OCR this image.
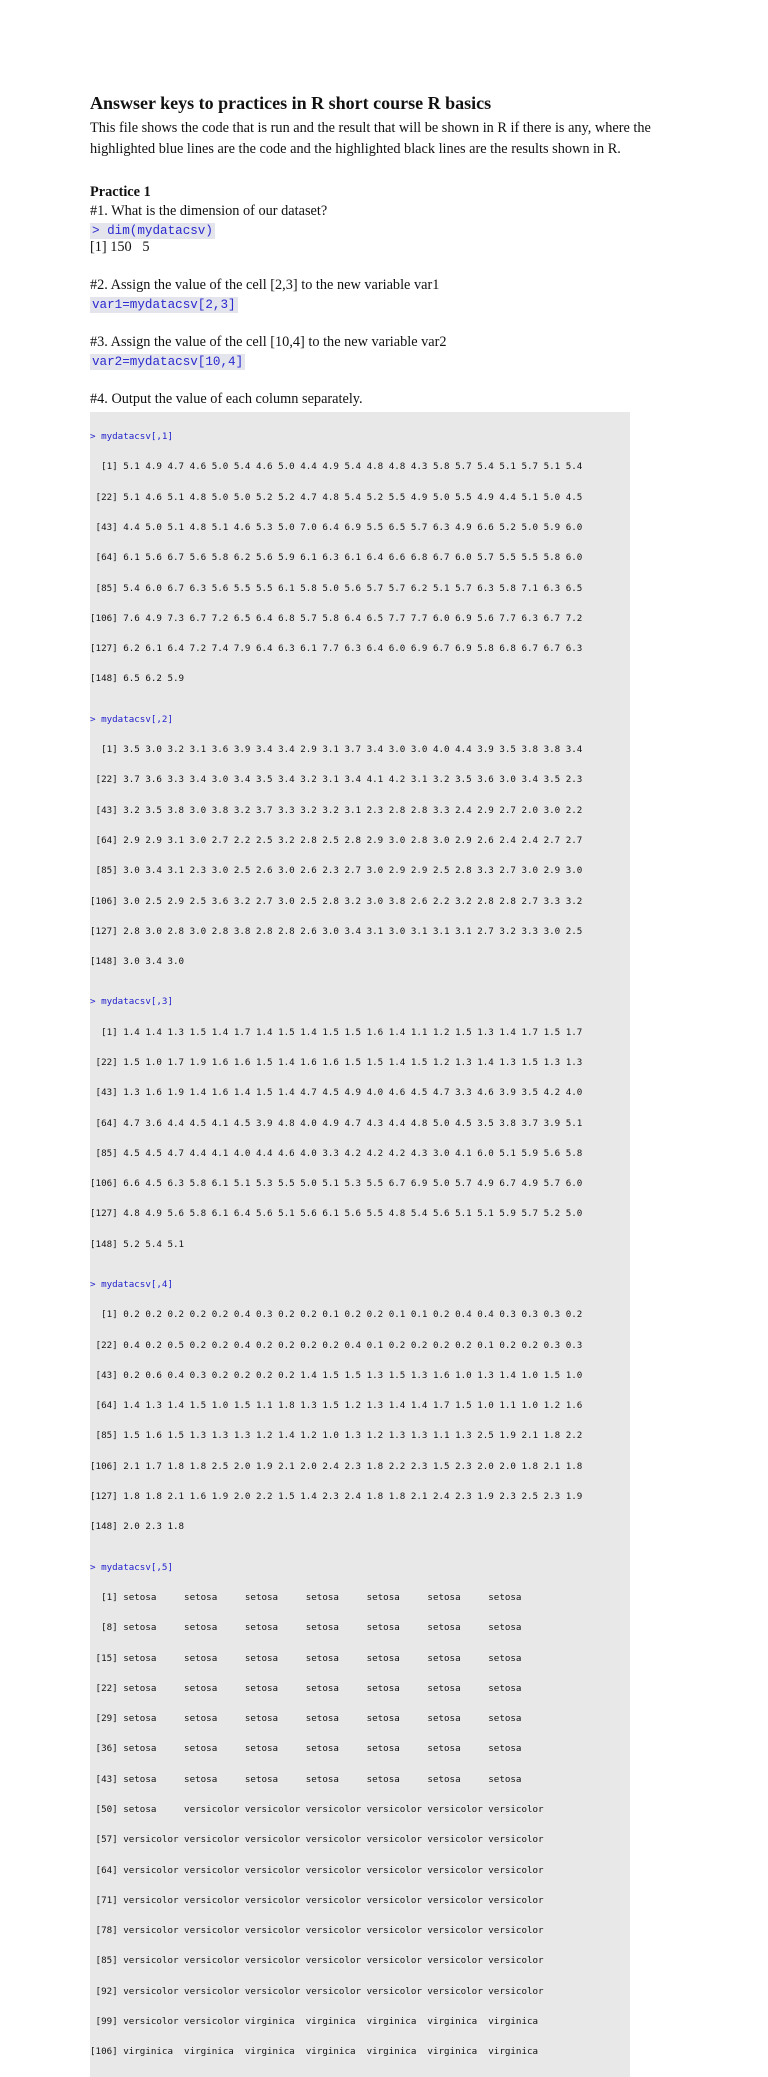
Answser keys to practices in R short course R basics

This file shows the code that is run and the result that will be shown in R if there is any, where the highlighted blue lines are the code and the highlighted black lines are the results shown in R.

Practice 1

#1. What is the dimension of our dataset?

> dim(mydatacsv)

[1] 150   5

#2. Assign the value of the cell [2,3] to the new variable var1

var1=mydatacsv[2,3]

#3. Assign the value of the cell [10,4] to the new variable var2

var2=mydatacsv[10,4]

#4. Output the value of each column separately.

> mydatacsv[,1]

[1] 5.1 4.9 4.7 4.6 5.0 5.4 4.6 5.0 4.4 4.9 5.4 4.8 4.8 4.3 5.8 5.7 5.4 5.1 5.7 5.1 5.4

[22] 5.1 4.6 5.1 4.8 5.0 5.0 5.2 5.2 4.7 4.8 5.4 5.2 5.5 4.9 5.0 5.5 4.9 4.4 5.1 5.0 4.5

[43] 4.4 5.0 5.1 4.8 5.1 4.6 5.3 5.0 7.0 6.4 6.9 5.5 6.5 5.7 6.3 4.9 6.6 5.2 5.0 5.9 6.0

[64] 6.1 5.6 6.7 5.6 5.8 6.2 5.6 5.9 6.1 6.3 6.1 6.4 6.6 6.8 6.7 6.0 5.7 5.5 5.5 5.8 6.0

[85] 5.4 6.0 6.7 6.3 5.6 5.5 5.5 6.1 5.8 5.0 5.6 5.7 5.7 6.2 5.1 5.7 6.3 5.8 7.1 6.3 6.5

[106] 7.6 4.9 7.3 6.7 7.2 6.5 6.4 6.8 5.7 5.8 6.4 6.5 7.7 7.7 6.0 6.9 5.6 7.7 6.3 6.7 7.2

[127] 6.2 6.1 6.4 7.2 7.4 7.9 6.4 6.3 6.1 7.7 6.3 6.4 6.0 6.9 6.7 6.9 5.8 6.8 6.7 6.7 6.3

[148] 6.5 6.2 5.9

> mydatacsv[,2]

[1] 3.5 3.0 3.2 3.1 3.6 3.9 3.4 3.4 2.9 3.1 3.7 3.4 3.0 3.0 4.0 4.4 3.9 3.5 3.8 3.8 3.4

[22] 3.7 3.6 3.3 3.4 3.0 3.4 3.5 3.4 3.2 3.1 3.4 4.1 4.2 3.1 3.2 3.5 3.6 3.0 3.4 3.5 2.3

[43] 3.2 3.5 3.8 3.0 3.8 3.2 3.7 3.3 3.2 3.2 3.1 2.3 2.8 2.8 3.3 2.4 2.9 2.7 2.0 3.0 2.2

[64] 2.9 2.9 3.1 3.0 2.7 2.2 2.5 3.2 2.8 2.5 2.8 2.9 3.0 2.8 3.0 2.9 2.6 2.4 2.4 2.7 2.7

[85] 3.0 3.4 3.1 2.3 3.0 2.5 2.6 3.0 2.6 2.3 2.7 3.0 2.9 2.9 2.5 2.8 3.3 2.7 3.0 2.9 3.0

[106] 3.0 2.5 2.9 2.5 3.6 3.2 2.7 3.0 2.5 2.8 3.2 3.0 3.8 2.6 2.2 3.2 2.8 2.8 2.7 3.3 3.2

[127] 2.8 3.0 2.8 3.0 2.8 3.8 2.8 2.8 2.6 3.0 3.4 3.1 3.0 3.1 3.1 3.1 2.7 3.2 3.3 3.0 2.5

[148] 3.0 3.4 3.0

> mydatacsv[,3]

[1] 1.4 1.4 1.3 1.5 1.4 1.7 1.4 1.5 1.4 1.5 1.5 1.6 1.4 1.1 1.2 1.5 1.3 1.4 1.7 1.5 1.7

[22] 1.5 1.0 1.7 1.9 1.6 1.6 1.5 1.4 1.6 1.6 1.5 1.5 1.4 1.5 1.2 1.3 1.4 1.3 1.5 1.3 1.3

[43] 1.3 1.6 1.9 1.4 1.6 1.4 1.5 1.4 4.7 4.5 4.9 4.0 4.6 4.5 4.7 3.3 4.6 3.9 3.5 4.2 4.0

[64] 4.7 3.6 4.4 4.5 4.1 4.5 3.9 4.8 4.0 4.9 4.7 4.3 4.4 4.8 5.0 4.5 3.5 3.8 3.7 3.9 5.1

[85] 4.5 4.5 4.7 4.4 4.1 4.0 4.4 4.6 4.0 3.3 4.2 4.2 4.2 4.3 3.0 4.1 6.0 5.1 5.9 5.6 5.8

[106] 6.6 4.5 6.3 5.8 6.1 5.1 5.3 5.5 5.0 5.1 5.3 5.5 6.7 6.9 5.0 5.7 4.9 6.7 4.9 5.7 6.0

[127] 4.8 4.9 5.6 5.8 6.1 6.4 5.6 5.1 5.6 6.1 5.6 5.5 4.8 5.4 5.6 5.1 5.1 5.9 5.7 5.2 5.0

[148] 5.2 5.4 5.1

> mydatacsv[,4]

[1] 0.2 0.2 0.2 0.2 0.2 0.4 0.3 0.2 0.2 0.1 0.2 0.2 0.1 0.1 0.2 0.4 0.4 0.3 0.3 0.3 0.2

[22] 0.4 0.2 0.5 0.2 0.2 0.4 0.2 0.2 0.2 0.2 0.4 0.1 0.2 0.2 0.2 0.2 0.1 0.2 0.2 0.3 0.3

[43] 0.2 0.6 0.4 0.3 0.2 0.2 0.2 0.2 1.4 1.5 1.5 1.3 1.5 1.3 1.6 1.0 1.3 1.4 1.0 1.5 1.0

[64] 1.4 1.3 1.4 1.5 1.0 1.5 1.1 1.8 1.3 1.5 1.2 1.3 1.4 1.4 1.7 1.5 1.0 1.1 1.0 1.2 1.6

[85] 1.5 1.6 1.5 1.3 1.3 1.3 1.2 1.4 1.2 1.0 1.3 1.2 1.3 1.3 1.1 1.3 2.5 1.9 2.1 1.8 2.2

[106] 2.1 1.7 1.8 1.8 2.5 2.0 1.9 2.1 2.0 2.4 2.3 1.8 2.2 2.3 1.5 2.3 2.0 2.0 1.8 2.1 1.8

[127] 1.8 1.8 2.1 1.6 1.9 2.0 2.2 1.5 1.4 2.3 2.4 1.8 1.8 2.1 2.4 2.3 1.9 2.3 2.5 2.3 1.9

[148] 2.0 2.3 1.8

> mydatacsv[,5]

[1] setosa     setosa     setosa     setosa     setosa     setosa     setosa

[8] setosa     setosa     setosa     setosa     setosa     setosa     setosa

[15] setosa     setosa     setosa     setosa     setosa     setosa     setosa

[22] setosa     setosa     setosa     setosa     setosa     setosa     setosa

[29] setosa     setosa     setosa     setosa     setosa     setosa     setosa

[36] setosa     setosa     setosa     setosa     setosa     setosa     setosa

[43] setosa     setosa     setosa     setosa     setosa     setosa     setosa

[50] setosa     versicolor versicolor versicolor versicolor versicolor versicolor

[57] versicolor versicolor versicolor versicolor versicolor versicolor versicolor

[64] versicolor versicolor versicolor versicolor versicolor versicolor versicolor

[71] versicolor versicolor versicolor versicolor versicolor versicolor versicolor

[78] versicolor versicolor versicolor versicolor versicolor versicolor versicolor

[85] versicolor versicolor versicolor versicolor versicolor versicolor versicolor

[92] versicolor versicolor versicolor versicolor versicolor versicolor versicolor

[99] versicolor versicolor virginica  virginica  virginica  virginica  virginica

[106] virginica  virginica  virginica  virginica  virginica  virginica  virginica
